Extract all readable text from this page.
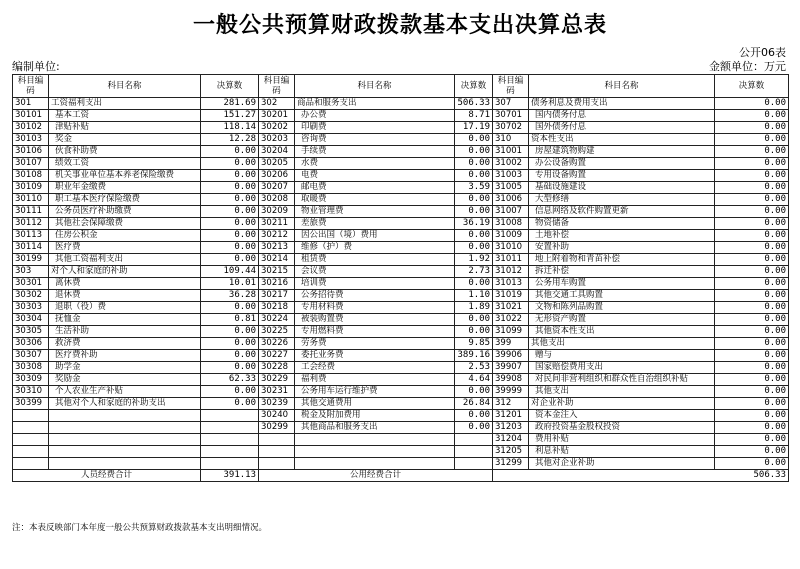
一般公共预算财政拨款基本支出决算总表
公开06表
编制单位:	金额单位：万元
科目编码	科目名称	决算数	科目编码	科目名称	决算数	科目编码	科目名称	决算数
301	工资福利支出	281.69	302	商品和服务支出	506.33	307	债务利息及费用支出	0.00
30101	基本工资	151.27	30201	办公费	8.71	30701	国内债务付息	0.00
30102	津贴补贴	118.14	30202	印刷费	17.19	30702	国外债务付息	0.00
30103	奖金	12.28	30203	咨询费	0.00	310	资本性支出	0.00
30106	伙食补助费	0.00	30204	手续费	0.00	31001	房屋建筑物购建	0.00
30107	绩效工资	0.00	30205	水费	0.00	31002	办公设备购置	0.00
30108	机关事业单位基本养老保险缴费	0.00	30206	电费	0.00	31003	专用设备购置	0.00
30109	职业年金缴费	0.00	30207	邮电费	3.59	31005	基础设施建设	0.00
30110	职工基本医疗保险缴费	0.00	30208	取暖费	0.00	31006	大型修缮	0.00
30111	公务员医疗补助缴费	0.00	30209	物业管理费	0.00	31007	信息网络及软件购置更新	0.00
30112	其他社会保障缴费	0.00	30211	差旅费	36.19	31008	物资储备	0.00
30113	住房公积金	0.00	30212	因公出国（境）费用	0.00	31009	土地补偿	0.00
30114	医疗费	0.00	30213	维修（护）费	0.00	31010	安置补助	0.00
30199	其他工资福利支出	0.00	30214	租赁费	1.92	31011	地上附着物和青苗补偿	0.00
303	对个人和家庭的补助	109.44	30215	会议费	2.73	31012	拆迁补偿	0.00
30301	离休费	10.01	30216	培训费	0.00	31013	公务用车购置	0.00
30302	退休费	36.28	30217	公务招待费	1.10	31019	其他交通工具购置	0.00
30303	退职（役）费	0.00	30218	专用材料费	1.89	31021	文物和陈列品购置	0.00
30304	抚恤金	0.81	30224	被装购置费	0.00	31022	无形资产购置	0.00
30305	生活补助	0.00	30225	专用燃料费	0.00	31099	其他资本性支出	0.00
30306	救济费	0.00	30226	劳务费	9.85	399	其他支出	0.00
30307	医疗费补助	0.00	30227	委托业务费	389.16	39906	赠与	0.00
30308	助学金	0.00	30228	工会经费	2.53	39907	国家赔偿费用支出	0.00
30309	奖励金	62.33	30229	福利费	4.64	39908	对民间非营利组织和群众性自治组织补贴	0.00
30310	个人农业生产补贴	0.00	30231	公务用车运行维护费	0.00	39999	其他支出	0.00
30399	其他对个人和家庭的补助支出	0.00	30239	其他交通费用	26.84	312	对企业补助	0.00
			30240	税金及附加费用	0.00	31201	资本金注入	0.00
			30299	其他商品和服务支出	0.00	31203	政府投资基金股权投资	0.00
						31204	费用补贴	0.00
						31205	利息补贴	0.00
						31299	其他对企业补助	0.00
人员经费合计		391.13	公用经费合计			506.33		
注：本表反映部门本年度一般公共预算财政拨款基本支出明细情况。
